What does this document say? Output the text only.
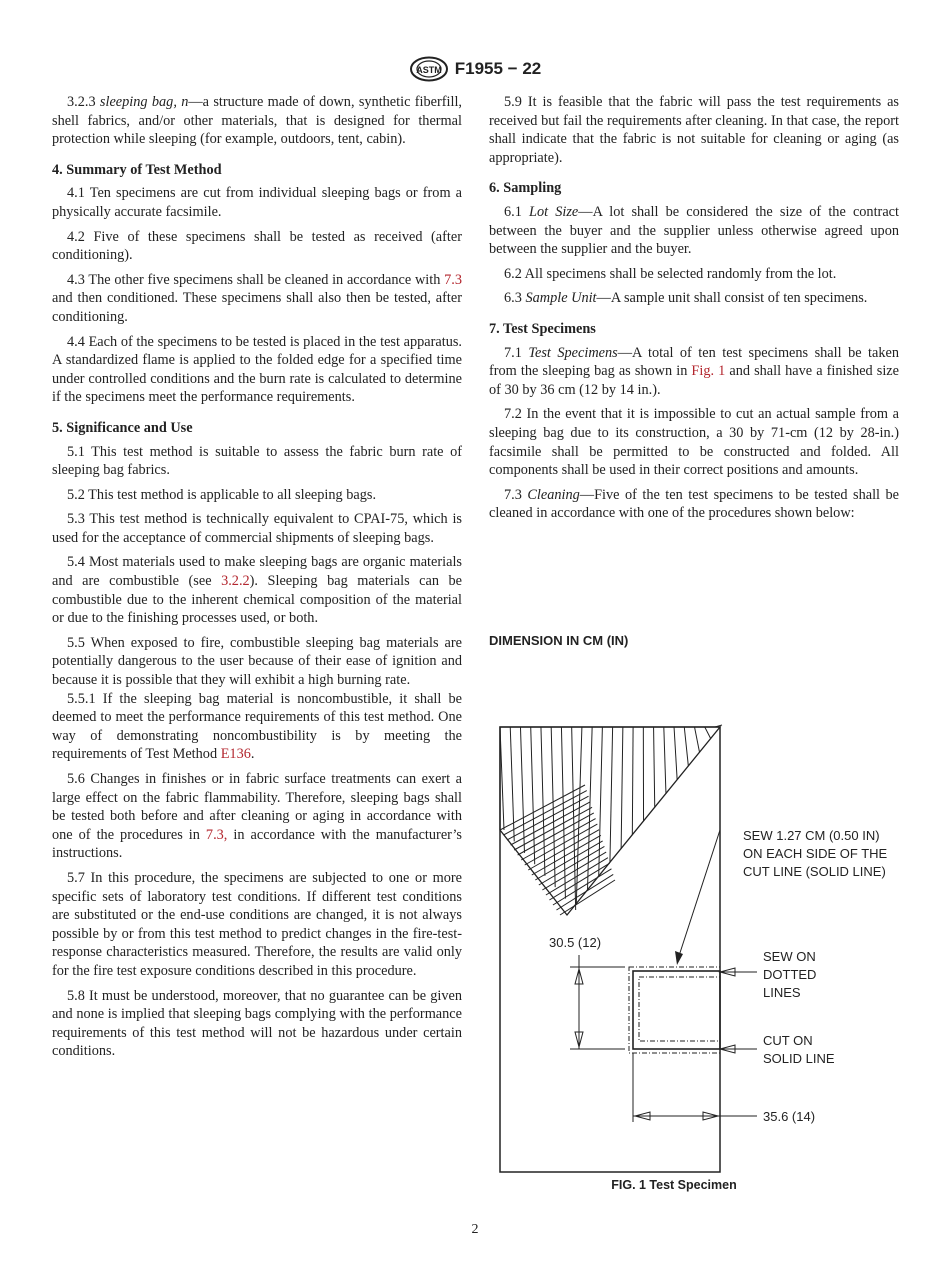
ASTM F1955 − 22

3.2.3 sleeping bag, n—a structure made of down, synthetic fiberfill, shell fabrics, and/or other materials, that is designed for thermal protection while sleeping (for example, outdoors, tent, cabin).

4. Summary of Test Method

4.1 Ten specimens are cut from individual sleeping bags or from a physically accurate facsimile.

4.2 Five of these specimens shall be tested as received (after conditioning).

4.3 The other five specimens shall be cleaned in accordance with 7.3 and then conditioned. These specimens shall also then be tested, after conditioning.

4.4 Each of the specimens to be tested is placed in the test apparatus. A standardized flame is applied to the folded edge for a specified time under controlled conditions and the burn rate is calculated to determine if the specimens meet the performance requirements.

5. Significance and Use

5.1 This test method is suitable to assess the fabric burn rate of sleeping bag fabrics.

5.2 This test method is applicable to all sleeping bags.

5.3 This test method is technically equivalent to CPAI-75, which is used for the acceptance of commercial shipments of sleeping bags.

5.4 Most materials used to make sleeping bags are organic materials and are combustible (see 3.2.2). Sleeping bag materials can be combustible due to the inherent chemical composition of the material or due to the finishing processes used, or both.

5.5 When exposed to fire, combustible sleeping bag materials are potentially dangerous to the user because of their ease of ignition and because it is possible that they will exhibit a high burning rate.

5.5.1 If the sleeping bag material is noncombustible, it shall be deemed to meet the performance requirements of this test method. One way of demonstrating noncombustibility is by meeting the requirements of Test Method E136.

5.6 Changes in finishes or in fabric surface treatments can exert a large effect on the fabric flammability. Therefore, sleeping bags shall be tested both before and after cleaning or aging in accordance with one of the procedures in 7.3, in accordance with the manufacturer’s instructions.

5.7 In this procedure, the specimens are subjected to one or more specific sets of laboratory test conditions. If different test conditions are substituted or the end-use conditions are changed, it is not always possible by or from this test method to predict changes in the fire-test-response characteristics measured. Therefore, the results are valid only for the fire test exposure conditions described in this procedure.

5.8 It must be understood, moreover, that no guarantee can be given and none is implied that sleeping bags complying with the performance requirements of this test method will not be hazardous under certain conditions.

5.9 It is feasible that the fabric will pass the test requirements as received but fail the requirements after cleaning. In that case, the report shall indicate that the fabric is not suitable for cleaning or aging (as appropriate).

6. Sampling

6.1 Lot Size—A lot shall be considered the size of the contract between the buyer and the supplier unless otherwise agreed upon between the supplier and the buyer.

6.2 All specimens shall be selected randomly from the lot.

6.3 Sample Unit—A sample unit shall consist of ten specimens.

7. Test Specimens

7.1 Test Specimens—A total of ten test specimens shall be taken from the sleeping bag as shown in Fig. 1 and shall have a finished size of 30 by 36 cm (12 by 14 in.).

7.2 In the event that it is impossible to cut an actual sample from a sleeping bag due to its construction, a 30 by 71-cm (12 by 28-in.) facsimile shall be permitted to be constructed and folded. All components shall be used in their correct positions and amounts.

7.3 Cleaning—Five of the ten test specimens to be tested shall be cleaned in accordance with one of the procedures shown below:

DIMENSION IN CM (IN)
SEW 1.27 CM (0.50 IN)
ON EACH SIDE OF THE
CUT LINE (SOLID LINE)
30.5 (12)
SEW ON
DOTTED
LINES
CUT ON
SOLID LINE
35.6 (14)
FIG. 1 Test Specimen
2
